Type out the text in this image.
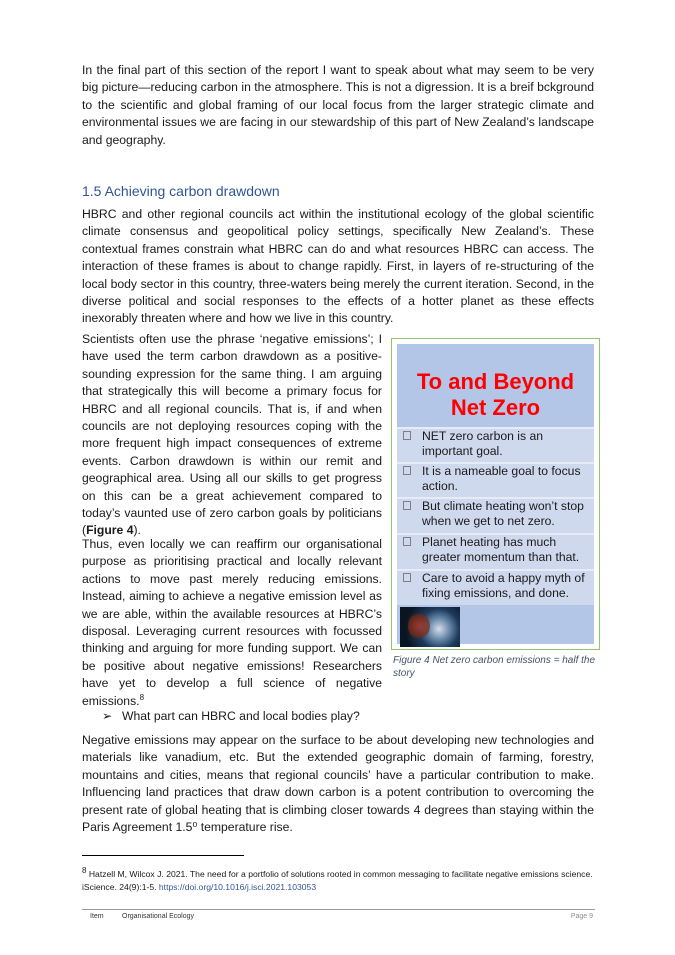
In the final part of this section of the report I want to speak about what may seem to be very big picture—reducing carbon in the atmosphere. This is not a digression. It is a breif bckground to the scientific and global framing of our local focus from the larger strategic climate and environmental issues we are facing in our stewardship of this part of New Zealand’s landscape and geography.

1.5 Achieving carbon drawdown

HBRC and other regional councils act within the institutional ecology of the global scientific climate consensus and geopolitical policy settings, specifically New Zealand’s. These contextual frames constrain what HBRC can do and what resources HBRC can access. The interaction of these frames is about to change rapidly. First, in layers of re-structuring of the local body sector in this country, three-waters being merely the current iteration. Second, in the diverse political and social responses to the effects of a hotter planet as these effects inexorably threaten where and how we live in this country.

Scientists often use the phrase ‘negative emissions’; I have used the term carbon drawdown as a positive-sounding expression for the same thing. I am arguing that strategically this will become a primary focus for HBRC and all regional councils. That is, if and when councils are not deploying resources coping with the more frequent high impact consequences of extreme events. Carbon drawdown is within our remit and geographical area. Using all our skills to get progress on this can be a great achievement compared to today’s vaunted use of zero carbon goals by politicians (Figure 4).

Thus, even locally we can reaffirm our organisational purpose as prioritising practical and locally relevant actions to move past merely reducing emissions. Instead, aiming to achieve a negative emission level as we are able, within the available resources at HBRC’s disposal. Leveraging current resources with focussed thinking and arguing for more funding support. We can be positive about negative emissions! Researchers have yet to develop a full science of negative emissions.$^8$

➢ What part can HBRC and local bodies play?

Negative emissions may appear on the surface to be about developing new technologies and materials like vanadium, etc. But the extended geographic domain of farming, forestry, mountains and cities, means that regional councils’ have a particular contribution to make. Influencing land practices that draw down carbon is a potent contribution to overcoming the present rate of global heating that is climbing closer towards 4 degrees than staying within the Paris Agreement 1.5⁰ temperature rise.

To and Beyond Net Zero

NET zero carbon is an important goal.
It is a nameable goal to focus action.
But climate heating won’t stop when we get to net zero.
Planet heating has much greater momentum than that.
Care to avoid a happy myth of fixing emissions, and done.

Figure 4 Net zero carbon emissions = half the story

$^8$ Hatzell M, Wilcox J. 2021. The need for a portfolio of solutions rooted in common messaging to facilitate negative emissions science. iScience. 24(9):1-5. https://doi.org/10.1016/j.isci.2021.103053

Item	Organisational Ecology	Page 9
